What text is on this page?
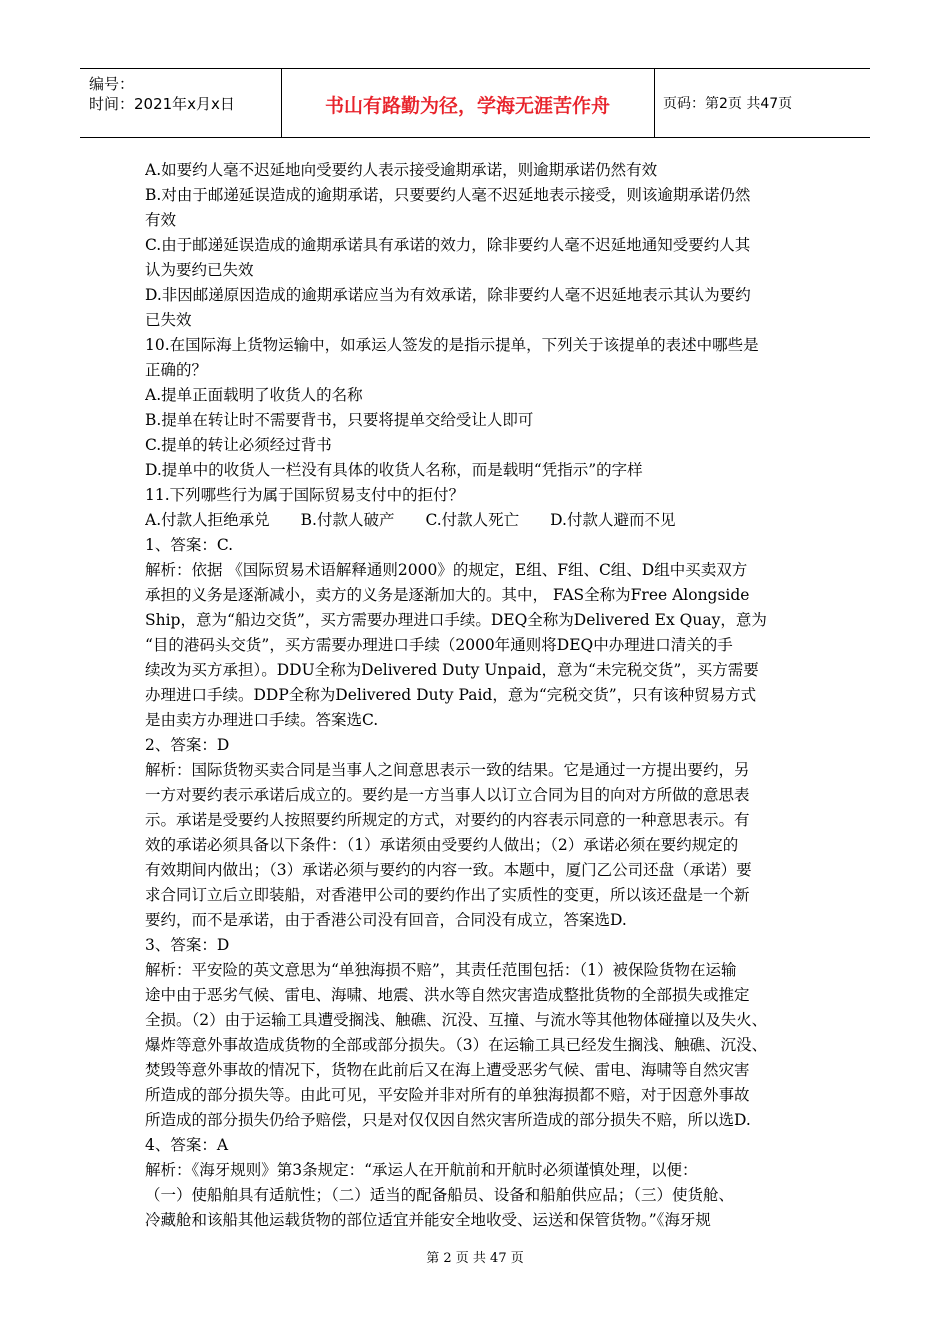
编号：
时间：2021年x月x日	书山有路勤为径，学海无涯苦作舟	页码：第2页 共47页
A.如要约人毫不迟延地向受要约人表示接受逾期承诺，则逾期承诺仍然有效
B.对由于邮递延误造成的逾期承诺，只要要约人毫不迟延地表示接受，则该逾期承诺仍然
有效
C.由于邮递延误造成的逾期承诺具有承诺的效力，除非要约人毫不迟延地通知受要约人其
认为要约已失效
D.非因邮递原因造成的逾期承诺应当为有效承诺，除非要约人毫不迟延地表示其认为要约
已失效
10.在国际海上货物运输中，如承运人签发的是指示提单，下列关于该提单的表述中哪些是
正确的？
A.提单正面载明了收货人的名称
B.提单在转让时不需要背书，只要将提单交给受让人即可
C.提单的转让必须经过背书
D.提单中的收货人一栏没有具体的收货人名称，而是载明“凭指示”的字样
11.下列哪些行为属于国际贸易支付中的拒付？
A.付款人拒绝承兑　　B.付款人破产　　C.付款人死亡　　D.付款人避而不见
1、答案：C.
解析：依据 《国际贸易术语解释通则2000》的规定，E组、F组、C组、D组中买卖双方
承担的义务是逐渐减小，卖方的义务是逐渐加大的。其中， FAS全称为Free Alongside
Ship，意为“船边交货”，买方需要办理进口手续。DEQ全称为Delivered Ex Quay，意为
“目的港码头交货”，买方需要办理进口手续（2000年通则将DEQ中办理进口清关的手
续改为买方承担）。DDU全称为Delivered Duty Unpaid，意为“未完税交货”，买方需要
办理进口手续。DDP全称为Delivered Duty Paid，意为“完税交货”，只有该种贸易方式
是由卖方办理进口手续。答案选C.
2、答案：D
解析：国际货物买卖合同是当事人之间意思表示一致的结果。它是通过一方提出要约，另
一方对要约表示承诺后成立的。要约是一方当事人以订立合同为目的向对方所做的意思表
示。承诺是受要约人按照要约所规定的方式，对要约的内容表示同意的一种意思表示。有
效的承诺必须具备以下条件：（1）承诺须由受要约人做出；（2）承诺必须在要约规定的
有效期间内做出；（3）承诺必须与要约的内容一致。本题中，厦门乙公司还盘（承诺）要
求合同订立后立即装船，对香港甲公司的要约作出了实质性的变更，所以该还盘是一个新
要约，而不是承诺，由于香港公司没有回音，合同没有成立，答案选D.
3、答案：D
解析：平安险的英文意思为“单独海损不赔”，其责任范围包括：（1）被保险货物在运输
途中由于恶劣气候、雷电、海啸、地震、洪水等自然灾害造成整批货物的全部损失或推定
全损。（2）由于运输工具遭受搁浅、触礁、沉没、互撞、与流水等其他物体碰撞以及失火、
爆炸等意外事故造成货物的全部或部分损失。（3）在运输工具已经发生搁浅、触礁、沉没、
焚毁等意外事故的情况下，货物在此前后又在海上遭受恶劣气候、雷电、海啸等自然灾害
所造成的部分损失等。由此可见，平安险并非对所有的单独海损都不赔，对于因意外事故
所造成的部分损失仍给予赔偿，只是对仅仅因自然灾害所造成的部分损失不赔，所以选D.
4、答案：A
解析：《海牙规则》第3条规定：“承运人在开航前和开航时必须谨慎处理，以便：
（一）使船舶具有适航性；（二）适当的配备船员、设备和船舶供应品；（三）使货舱、
冷藏舱和该船其他运载货物的部位适宜并能安全地收受、运送和保管货物。”《海牙规
第 2 页 共 47 页
